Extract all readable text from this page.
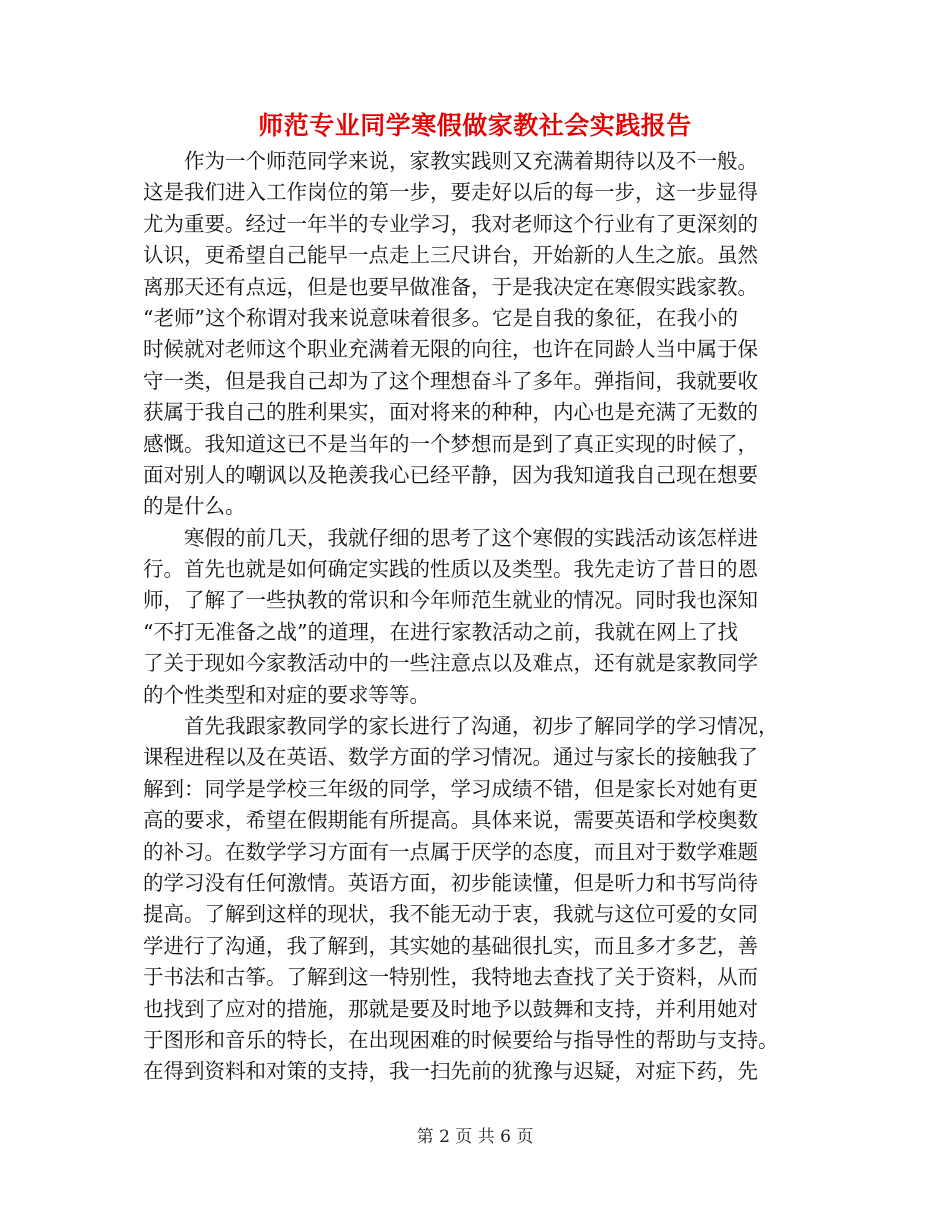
师范专业同学寒假做家教社会实践报告
作为一个师范同学来说，家教实践则又充满着期待以及不一般。
这是我们进入工作岗位的第一步，要走好以后的每一步，这一步显得
尤为重要。经过一年半的专业学习，我对老师这个行业有了更深刻的
认识，更希望自己能早一点走上三尺讲台，开始新的人生之旅。虽然
离那天还有点远，但是也要早做准备，于是我决定在寒假实践家教。
“老师”这个称谓对我来说意味着很多。它是自我的象征，在我小的
时候就对老师这个职业充满着无限的向往，也许在同龄人当中属于保
守一类，但是我自己却为了这个理想奋斗了多年。弹指间，我就要收
获属于我自己的胜利果实，面对将来的种种，内心也是充满了无数的
感慨。我知道这已不是当年的一个梦想而是到了真正实现的时候了，
面对别人的嘲讽以及艳羡我心已经平静，因为我知道我自己现在想要
的是什么。
寒假的前几天，我就仔细的思考了这个寒假的实践活动该怎样进
行。首先也就是如何确定实践的性质以及类型。我先走访了昔日的恩
师，了解了一些执教的常识和今年师范生就业的情况。同时我也深知
“不打无准备之战”的道理，在进行家教活动之前，我就在网上了找
了关于现如今家教活动中的一些注意点以及难点，还有就是家教同学
的个性类型和对症的要求等等。
首先我跟家教同学的家长进行了沟通，初步了解同学的学习情况，
课程进程以及在英语、数学方面的学习情况。通过与家长的接触我了
解到：同学是学校三年级的同学，学习成绩不错，但是家长对她有更
高的要求，希望在假期能有所提高。具体来说，需要英语和学校奥数
的补习。在数学学习方面有一点属于厌学的态度，而且对于数学难题
的学习没有任何激情。英语方面，初步能读懂，但是听力和书写尚待
提高。了解到这样的现状，我不能无动于衷，我就与这位可爱的女同
学进行了沟通，我了解到，其实她的基础很扎实，而且多才多艺，善
于书法和古筝。了解到这一特别性，我特地去查找了关于资料，从而
也找到了应对的措施，那就是要及时地予以鼓舞和支持，并利用她对
于图形和音乐的特长，在出现困难的时候要给与指导性的帮助与支持。
在得到资料和对策的支持，我一扫先前的犹豫与迟疑，对症下药，先
第 2 页 共 6 页
